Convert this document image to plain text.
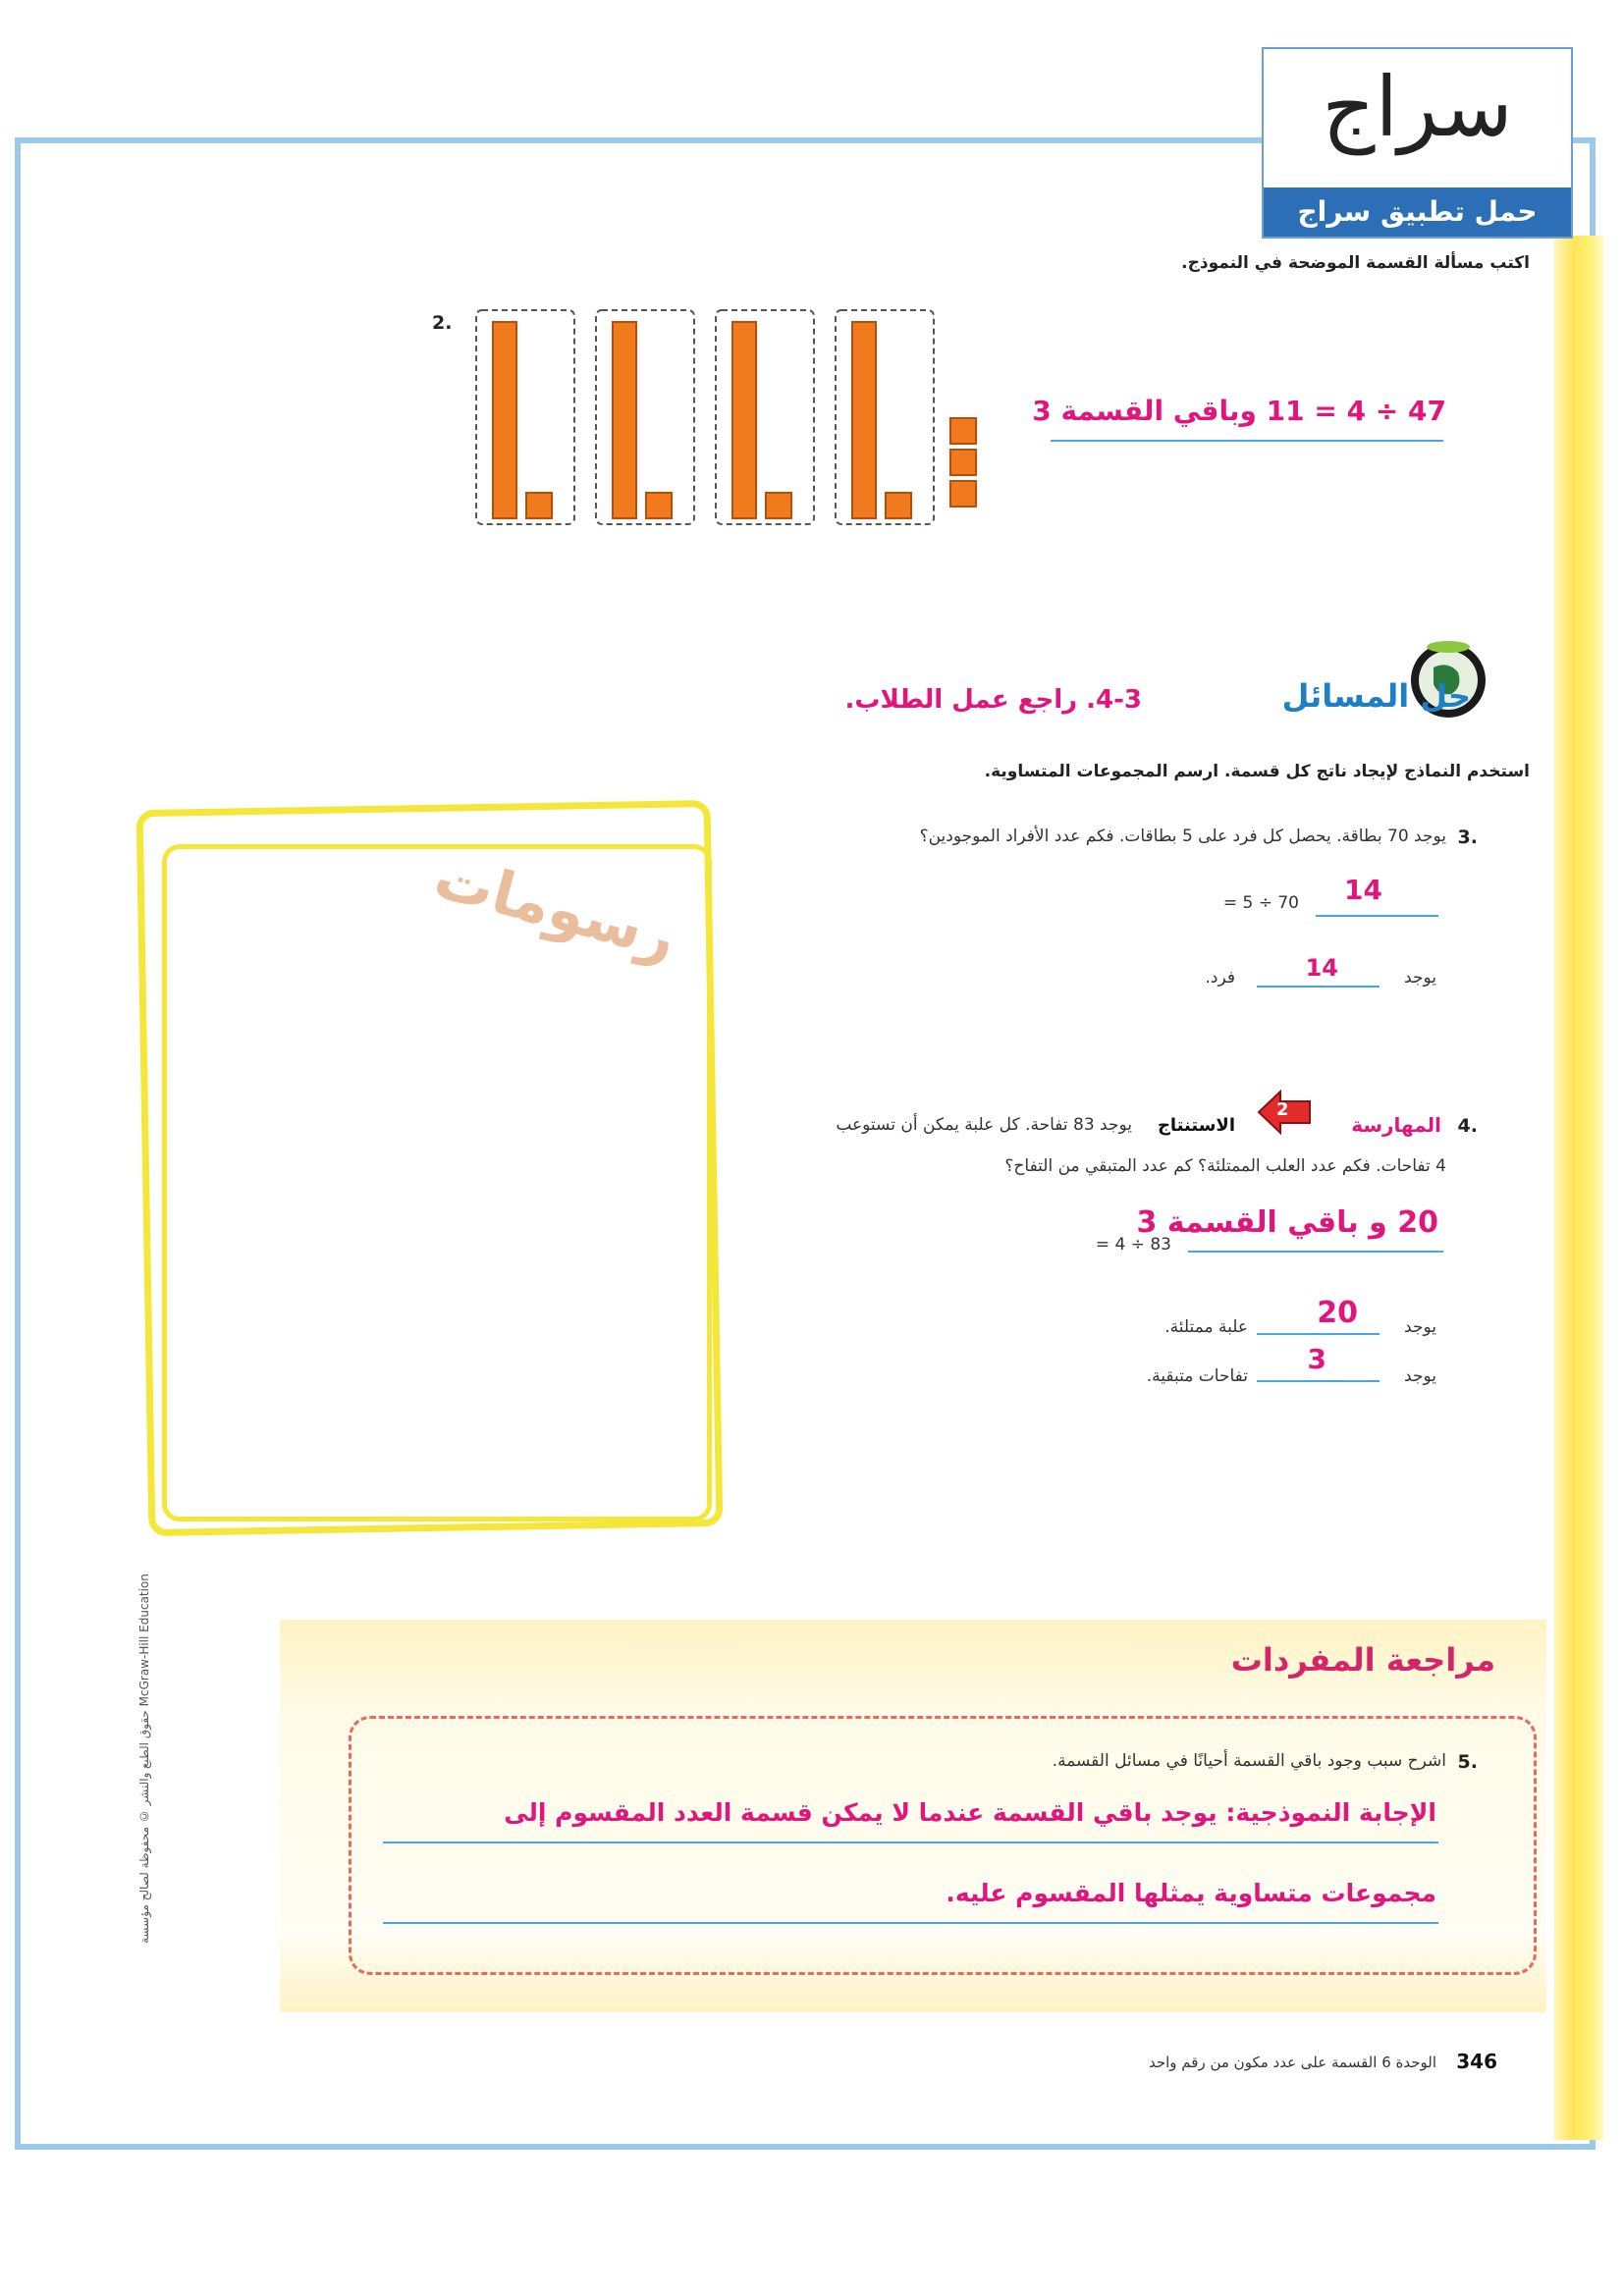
سراج
حمل تطبيق سراج
اكتب مسألة القسمة الموضحة في النموذج.
2.
47 ÷ 4 = 11 وباقي القسمة 3
حل المسائل
4-3. راجع عمل الطلاب.
استخدم النماذج لإيجاد ناتج كل قسمة. ارسم المجموعات المتساوية.
رسومات
3.
يوجد 70 بطاقة. يحصل كل فرد على 5 بطاقات. فكم عدد الأفراد الموجودين؟
14
70 ÷ 5 =
يوجد
14
فرد.
4.
المهارسة
2
الاستنتاج
يوجد 83 تفاحة. كل علبة يمكن أن تستوعب
4 تفاحات. فكم عدد العلب الممتلئة؟ كم عدد المتبقي من التفاح؟
20 و باقي القسمة 3
83 ÷ 4 =
يوجد
20
علبة ممتلئة.
يوجد
3
تفاحات متبقية.
حقوق الطبع والنشر © محفوظة لصالح مؤسسة McGraw-Hill Education	مراجعة المفردات
5.
اشرح سبب وجود باقي القسمة أحيانًا في مسائل القسمة.
الإجابة النموذجية: يوجد باقي القسمة عندما لا يمكن قسمة العدد المقسوم إلى
مجموعات متساوية يمثلها المقسوم عليه.
346
الوحدة 6 القسمة على عدد مكون من رقم واحد
